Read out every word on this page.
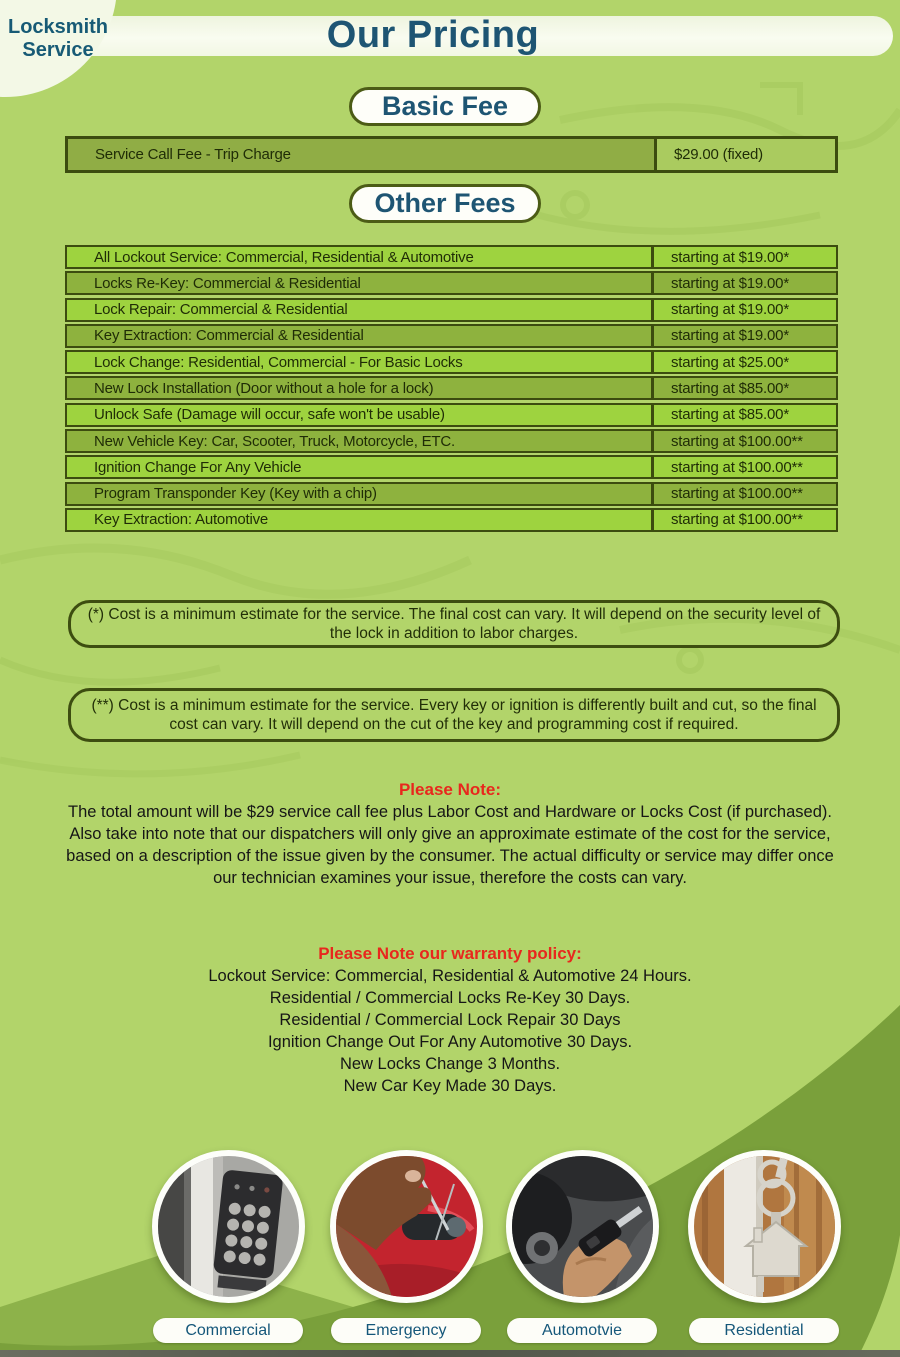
Locksmith
Service	Our Pricing
Basic Fee
Service Call Fee - Trip Charge	$29.00 (fixed)
Other Fees
All Lockout Service: Commercial, Residential & Automotive	starting at $19.00*
Locks Re-Key: Commercial & Residential	starting at $19.00*
Lock Repair: Commercial & Residential	starting at $19.00*
Key Extraction: Commercial & Residential	starting at $19.00*
Lock Change: Residential, Commercial - For Basic Locks	starting at $25.00*
New Lock Installation (Door without a hole for a lock)	starting at $85.00*
Unlock Safe (Damage will occur, safe won't be usable)	starting at $85.00*
New Vehicle Key: Car, Scooter, Truck, Motorcycle, ETC.	starting at $100.00**
Ignition Change For Any Vehicle	starting at $100.00**
Program Transponder Key (Key with a chip)	starting at $100.00**
Key Extraction: Automotive	starting at $100.00**
(*) Cost is a minimum estimate for the service. The final cost can vary. It will depend on the security level of the lock in addition to labor charges.
(**) Cost is a minimum estimate for the service. Every key or ignition is differently built and cut, so the final cost can vary. It will depend on the cut of the key and programming cost if required.
Please Note:
The total amount will be $29 service call fee plus Labor Cost and Hardware or Locks Cost (if purchased). Also take into note that our dispatchers will only give an approximate estimate of the cost for the service, based on a description of the issue given by the consumer. The actual difficulty or service may differ once our technician examines your issue, therefore the costs can vary.
Please Note our warranty policy:
Lockout Service: Commercial, Residential & Automotive 24 Hours.
Residential / Commercial Locks Re-Key 30 Days.
Residential / Commercial Lock Repair 30 Days
Ignition Change Out For Any Automotive 30 Days.
New Locks Change 3 Months.
New Car Key Made 30 Days.
Commercial	Emergency	Automotvie	Residential
